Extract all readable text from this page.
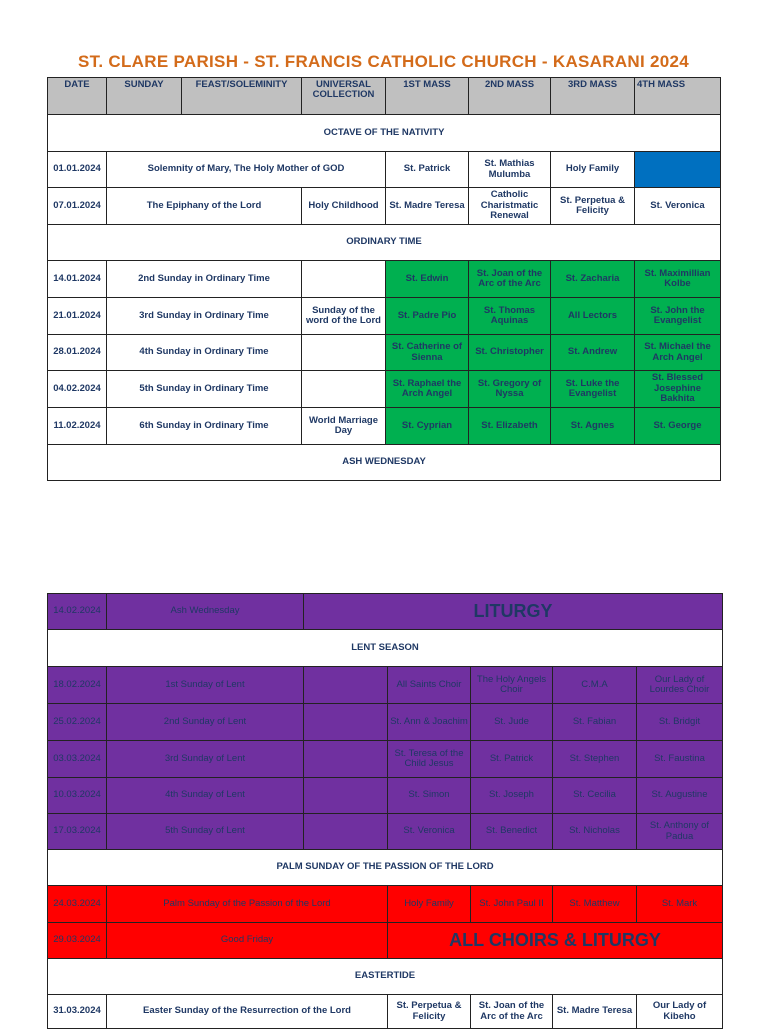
ST. CLARE PARISH - ST. FRANCIS CATHOLIC CHURCH - KASARANI 2024
DATE	SUNDAY	FEAST/SOLEMINITY	UNIVERSAL COLLECTION	1ST MASS	2ND MASS	3RD MASS	4TH MASS
OCTAVE OF THE NATIVITY							
01.01.2024	Solemnity of Mary, The Holy Mother of GOD			St. Patrick	St. Mathias Mulumba	Holy Family	
07.01.2024	The Epiphany of the Lord		Holy Childhood	St. Madre Teresa	Catholic Charistmatic Renewal	St. Perpetua & Felicity	St. Veronica
ORDINARY TIME							
14.01.2024	2nd Sunday in Ordinary Time			St. Edwin	St. Joan of the Arc of the Arc	St. Zacharia	St. Maximillian Kolbe
21.01.2024	3rd Sunday in Ordinary Time		Sunday of the word of the Lord	St. Padre Pio	St. Thomas Aquinas	All Lectors	St. John the Evangelist
28.01.2024	4th Sunday in Ordinary Time			St. Catherine of Sienna	St. Christopher	St. Andrew	St. Michael the Arch Angel
04.02.2024	5th Sunday in Ordinary Time			St. Raphael the Arch Angel	St. Gregory of Nyssa	St. Luke the Evangelist	St. Blessed Josephine Bakhita
11.02.2024	6th Sunday in Ordinary Time		World Marriage Day	St. Cyprian	St. Elizabeth	St. Agnes	St. George
ASH WEDNESDAY							
14.02.2024	Ash Wednesday	LITURGY				
LENT SEASON						
18.02.2024	1st Sunday of Lent		All Saints Choir	The Holy Angels Choir	C.M.A	Our Lady of Lourdes Choir
25.02.2024	2nd Sunday of Lent		St. Ann & Joachim	St. Jude	St. Fabian	St. Bridgit
03.03.2024	3rd Sunday of Lent		St. Teresa of the Child Jesus	St. Patrick	St. Stephen	St. Faustina
10.03.2024	4th Sunday of Lent		St. Simon	St. Joseph	St. Cecilia	St. Augustine
17.03.2024	5th Sunday of Lent		St. Veronica	St. Benedict	St. Nicholas	St. Anthony of Padua
PALM SUNDAY OF THE PASSION OF THE LORD						
24.03.2024	Palm Sunday of the Passion of the Lord		Holy Family	St. John Paul II	St. Matthew	St. Mark
29.03.2024	Good Friday		ALL CHOIRS & LITURGY			
EASTERTIDE						
31.03.2024	Easter Sunday of the Resurrection of the Lord		St. Perpetua & Felicity	St. Joan of the Arc of the Arc	St. Madre Teresa	Our Lady of Kibeho
